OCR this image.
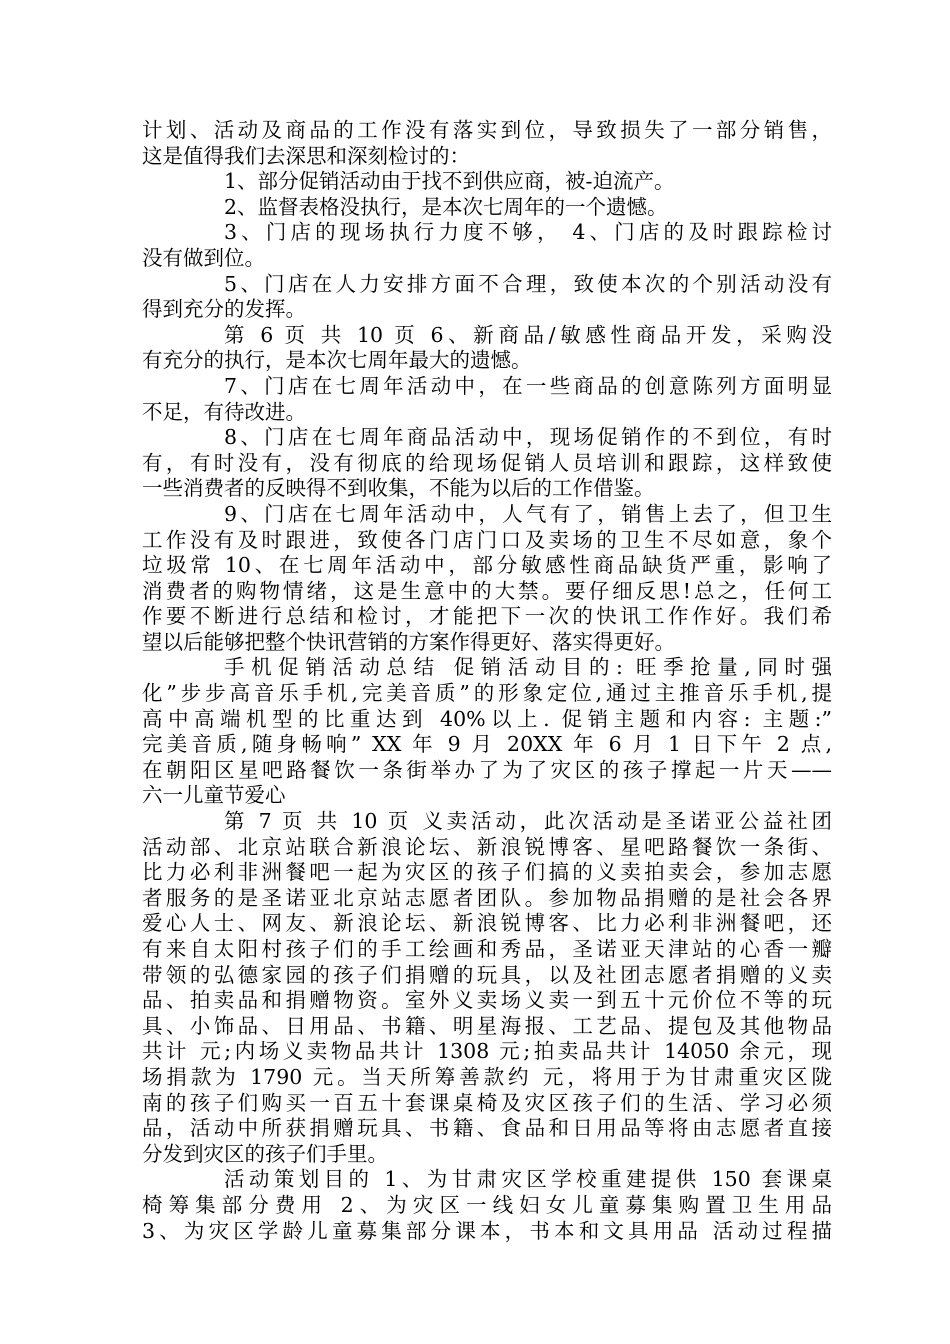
计划、活动及商品的工作没有落实到位，导致损失了一部分销售，
这是值得我们去深思和深刻检讨的：
1、部分促销活动由于找不到供应商，被-迫流产。
2、监督表格没执行，是本次七周年的一个遗憾。
3、门店的现场执行力度不够， 4、门店的及时跟踪检讨
没有做到位。
5、门店在人力安排方面不合理，致使本次的个别活动没有
得到充分的发挥。
第 6 页 共 10 页 6、新商品/敏感性商品开发，采购没
有充分的执行，是本次七周年最大的遗憾。
7、门店在七周年活动中，在一些商品的创意陈列方面明显
不足，有待改进。
8、门店在七周年商品活动中，现场促销作的不到位，有时
有，有时没有，没有彻底的给现场促销人员培训和跟踪，这样致使
一些消费者的反映得不到收集，不能为以后的工作借鉴。
9、门店在七周年活动中，人气有了，销售上去了，但卫生
工作没有及时跟进，致使各门店门口及卖场的卫生不尽如意，象个
垃圾常 10、在七周年活动中，部分敏感性商品缺货严重，影响了
消费者的购物情绪，这是生意中的大禁。要仔细反思!总之，任何工
作要不断进行总结和检讨，才能把下一次的快讯工作作好。我们希
望以后能够把整个快讯营销的方案作得更好、落实得更好。
手机促销活动总结 促销活动目的: 旺季抢量,同时强
化”步步高音乐手机,完美音质”的形象定位,通过主推音乐手机,提
高中高端机型的比重达到 40%以上. 促销主题和内容: 主题:”
完美音质,随身畅响” XX 年 9 月 20XX 年 6 月 1 日下午 2 点,
在朝阳区星吧路餐饮一条街举办了为了灾区的孩子撑起一片天——
六一儿童节爱心
第 7 页 共 10 页 义卖活动，此次活动是圣诺亚公益社团
活动部、北京站联合新浪论坛、新浪锐博客、星吧路餐饮一条街、
比力必利非洲餐吧一起为灾区的孩子们搞的义卖拍卖会，参加志愿
者服务的是圣诺亚北京站志愿者团队。参加物品捐赠的是社会各界
爱心人士、网友、新浪论坛、新浪锐博客、比力必利非洲餐吧，还
有来自太阳村孩子们的手工绘画和秀品，圣诺亚天津站的心香一瓣
带领的弘德家园的孩子们捐赠的玩具，以及社团志愿者捐赠的义卖
品、拍卖品和捐赠物资。室外义卖场义卖一到五十元价位不等的玩
具、小饰品、日用品、书籍、明星海报、工艺品、提包及其他物品
共计 元;内场义卖物品共计 1308 元;拍卖品共计 14050 余元，现
场捐款为 1790 元。当天所筹善款约 元，将用于为甘肃重灾区陇
南的孩子们购买一百五十套课桌椅及灾区孩子们的生活、学习必须
品，活动中所获捐赠玩具、书籍、食品和日用品等将由志愿者直接
分发到灾区的孩子们手里。
活动策划目的 1、为甘肃灾区学校重建提供 150 套课桌
椅筹集部分费用 2、为灾区一线妇女儿童募集购置卫生用品
3、为灾区学龄儿童募集部分课本，书本和文具用品 活动过程描
